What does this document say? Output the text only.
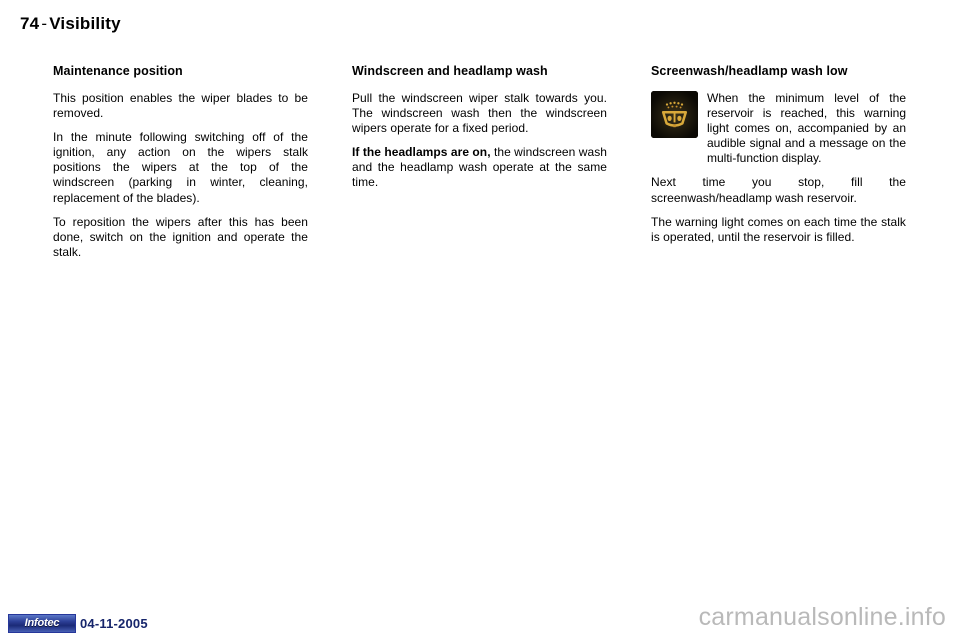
74 - Visibility
Maintenance position

This position enables the wiper blades to be removed.

In the minute following switching off of the ignition, any action on the wipers stalk positions the wipers at the top of the windscreen (parking in winter, cleaning, replacement of the blades).

To reposition the wipers after this has been done, switch on the ignition and operate the stalk.

Windscreen and headlamp wash

Pull the windscreen wiper stalk towards you. The windscreen wash then the windscreen wipers operate for a fixed period.

If the headlamps are on, the windscreen wash and the headlamp wash operate at the same time.

Screenwash/headlamp wash low
When the minimum level of the reservoir is reached, this warning light comes on, accompanied by an audible signal and a message on the multi-function display.

Next time you stop, fill the screenwash/headlamp wash reservoir.

The warning light comes on each time the stalk is operated, until the reservoir is filled.

Infotec 04-11-2005	carmanualsonline.info
